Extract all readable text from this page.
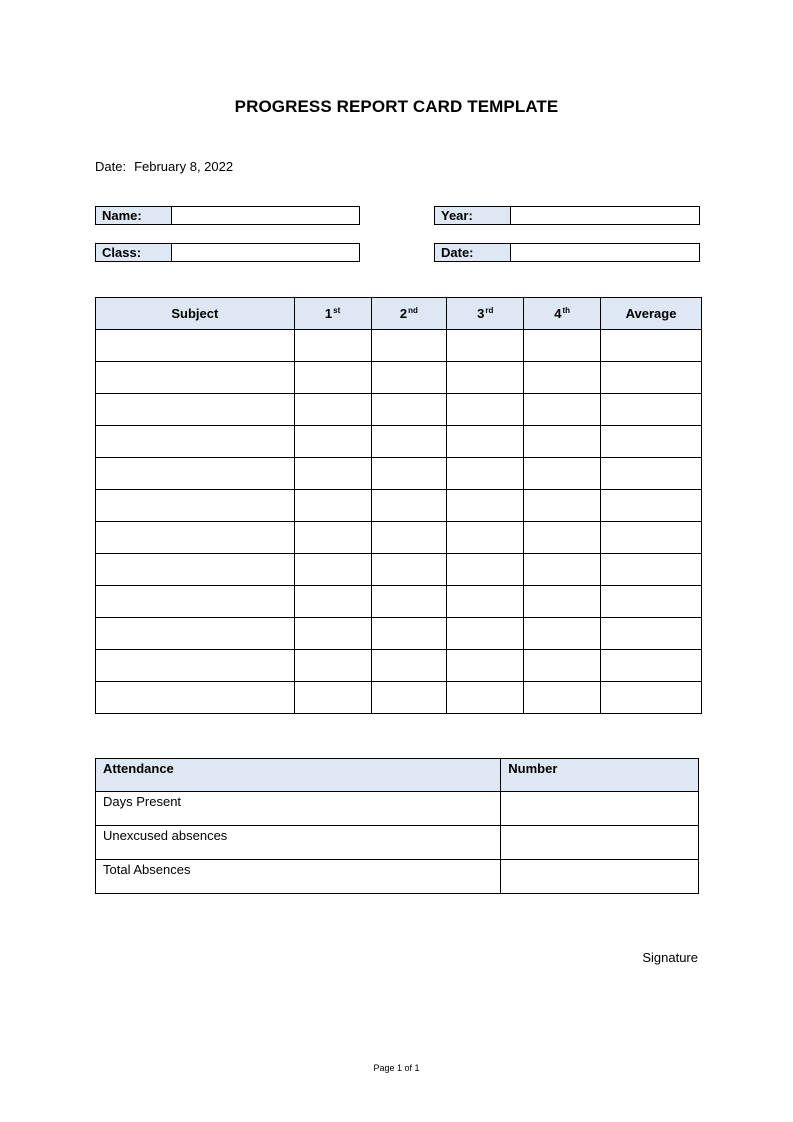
PROGRESS REPORT CARD TEMPLATE
Date: February 8, 2022
Name:
Class:
Year:
Date:
Subject	1st	2nd	3rd	4th	Average

Attendance	Number
Days Present	
Unexcused absences	
Total Absences	
Signature
Page 1 of 1
